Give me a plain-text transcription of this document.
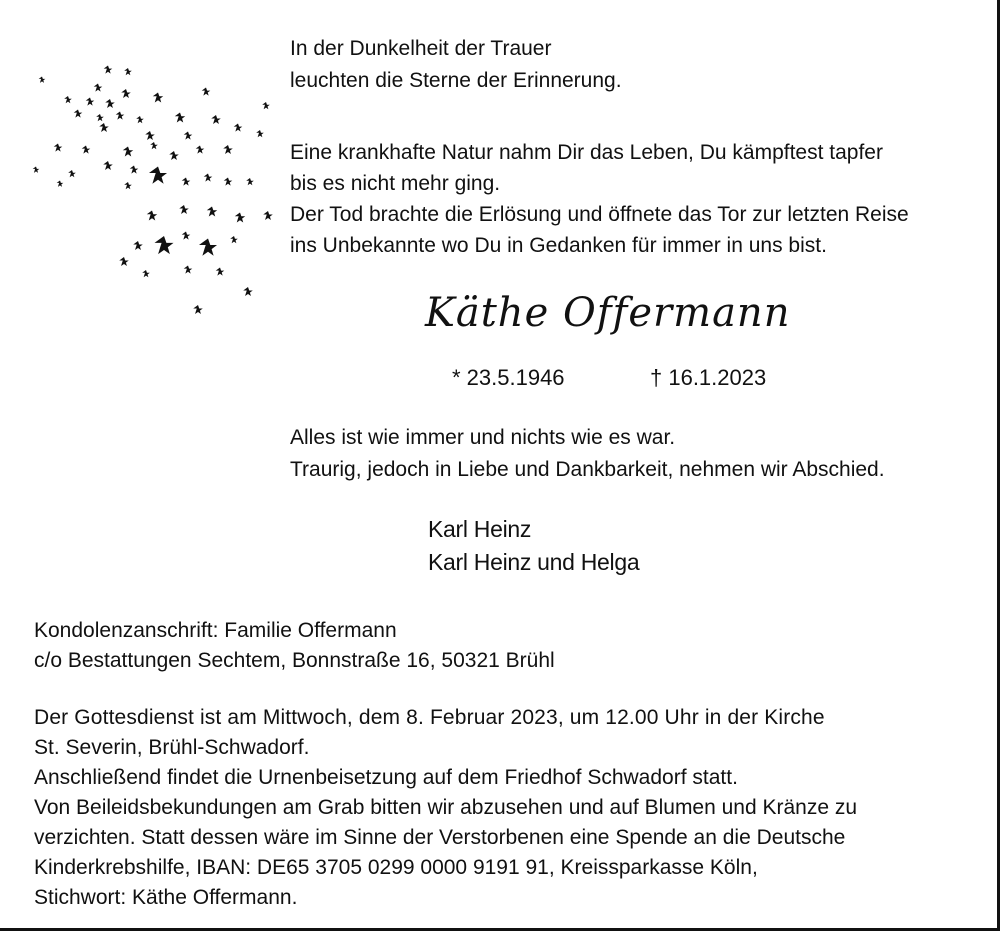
In der Dunkelheit der Trauer
leuchten die Sterne der Erinnerung.
Eine krankhafte Natur nahm Dir das Leben, Du kämpftest tapfer
bis es nicht mehr ging.
Der Tod brachte die Erlösung und öffnete das Tor zur letzten Reise
ins Unbekannte wo Du in Gedanken für immer in uns bist.
Käthe Offermann
* 23.5.1946	† 16.1.2023
Alles ist wie immer und nichts wie es war.
Traurig, jedoch in Liebe und Dankbarkeit, nehmen wir Abschied.
Karl Heinz
Karl Heinz und Helga

Kondolenzanschrift: Familie Offermann

c/o Bestattungen Sechtem, Bonnstraße 16, 50321 Brühl

Der Gottesdienst ist am Mittwoch, dem 8. Februar 2023, um 12.00 Uhr in der Kirche

St. Severin, Brühl-Schwadorf.

Anschließend findet die Urnenbeisetzung auf dem Friedhof Schwadorf statt.

Von Beileidsbekundungen am Grab bitten wir abzusehen und auf Blumen und Kränze zu

verzichten. Statt dessen wäre im Sinne der Verstorbenen eine Spende an die Deutsche

Kinderkrebshilfe, IBAN: DE65 3705 0299 0000 9191 91, Kreissparkasse Köln,

Stichwort: Käthe Offermann.
